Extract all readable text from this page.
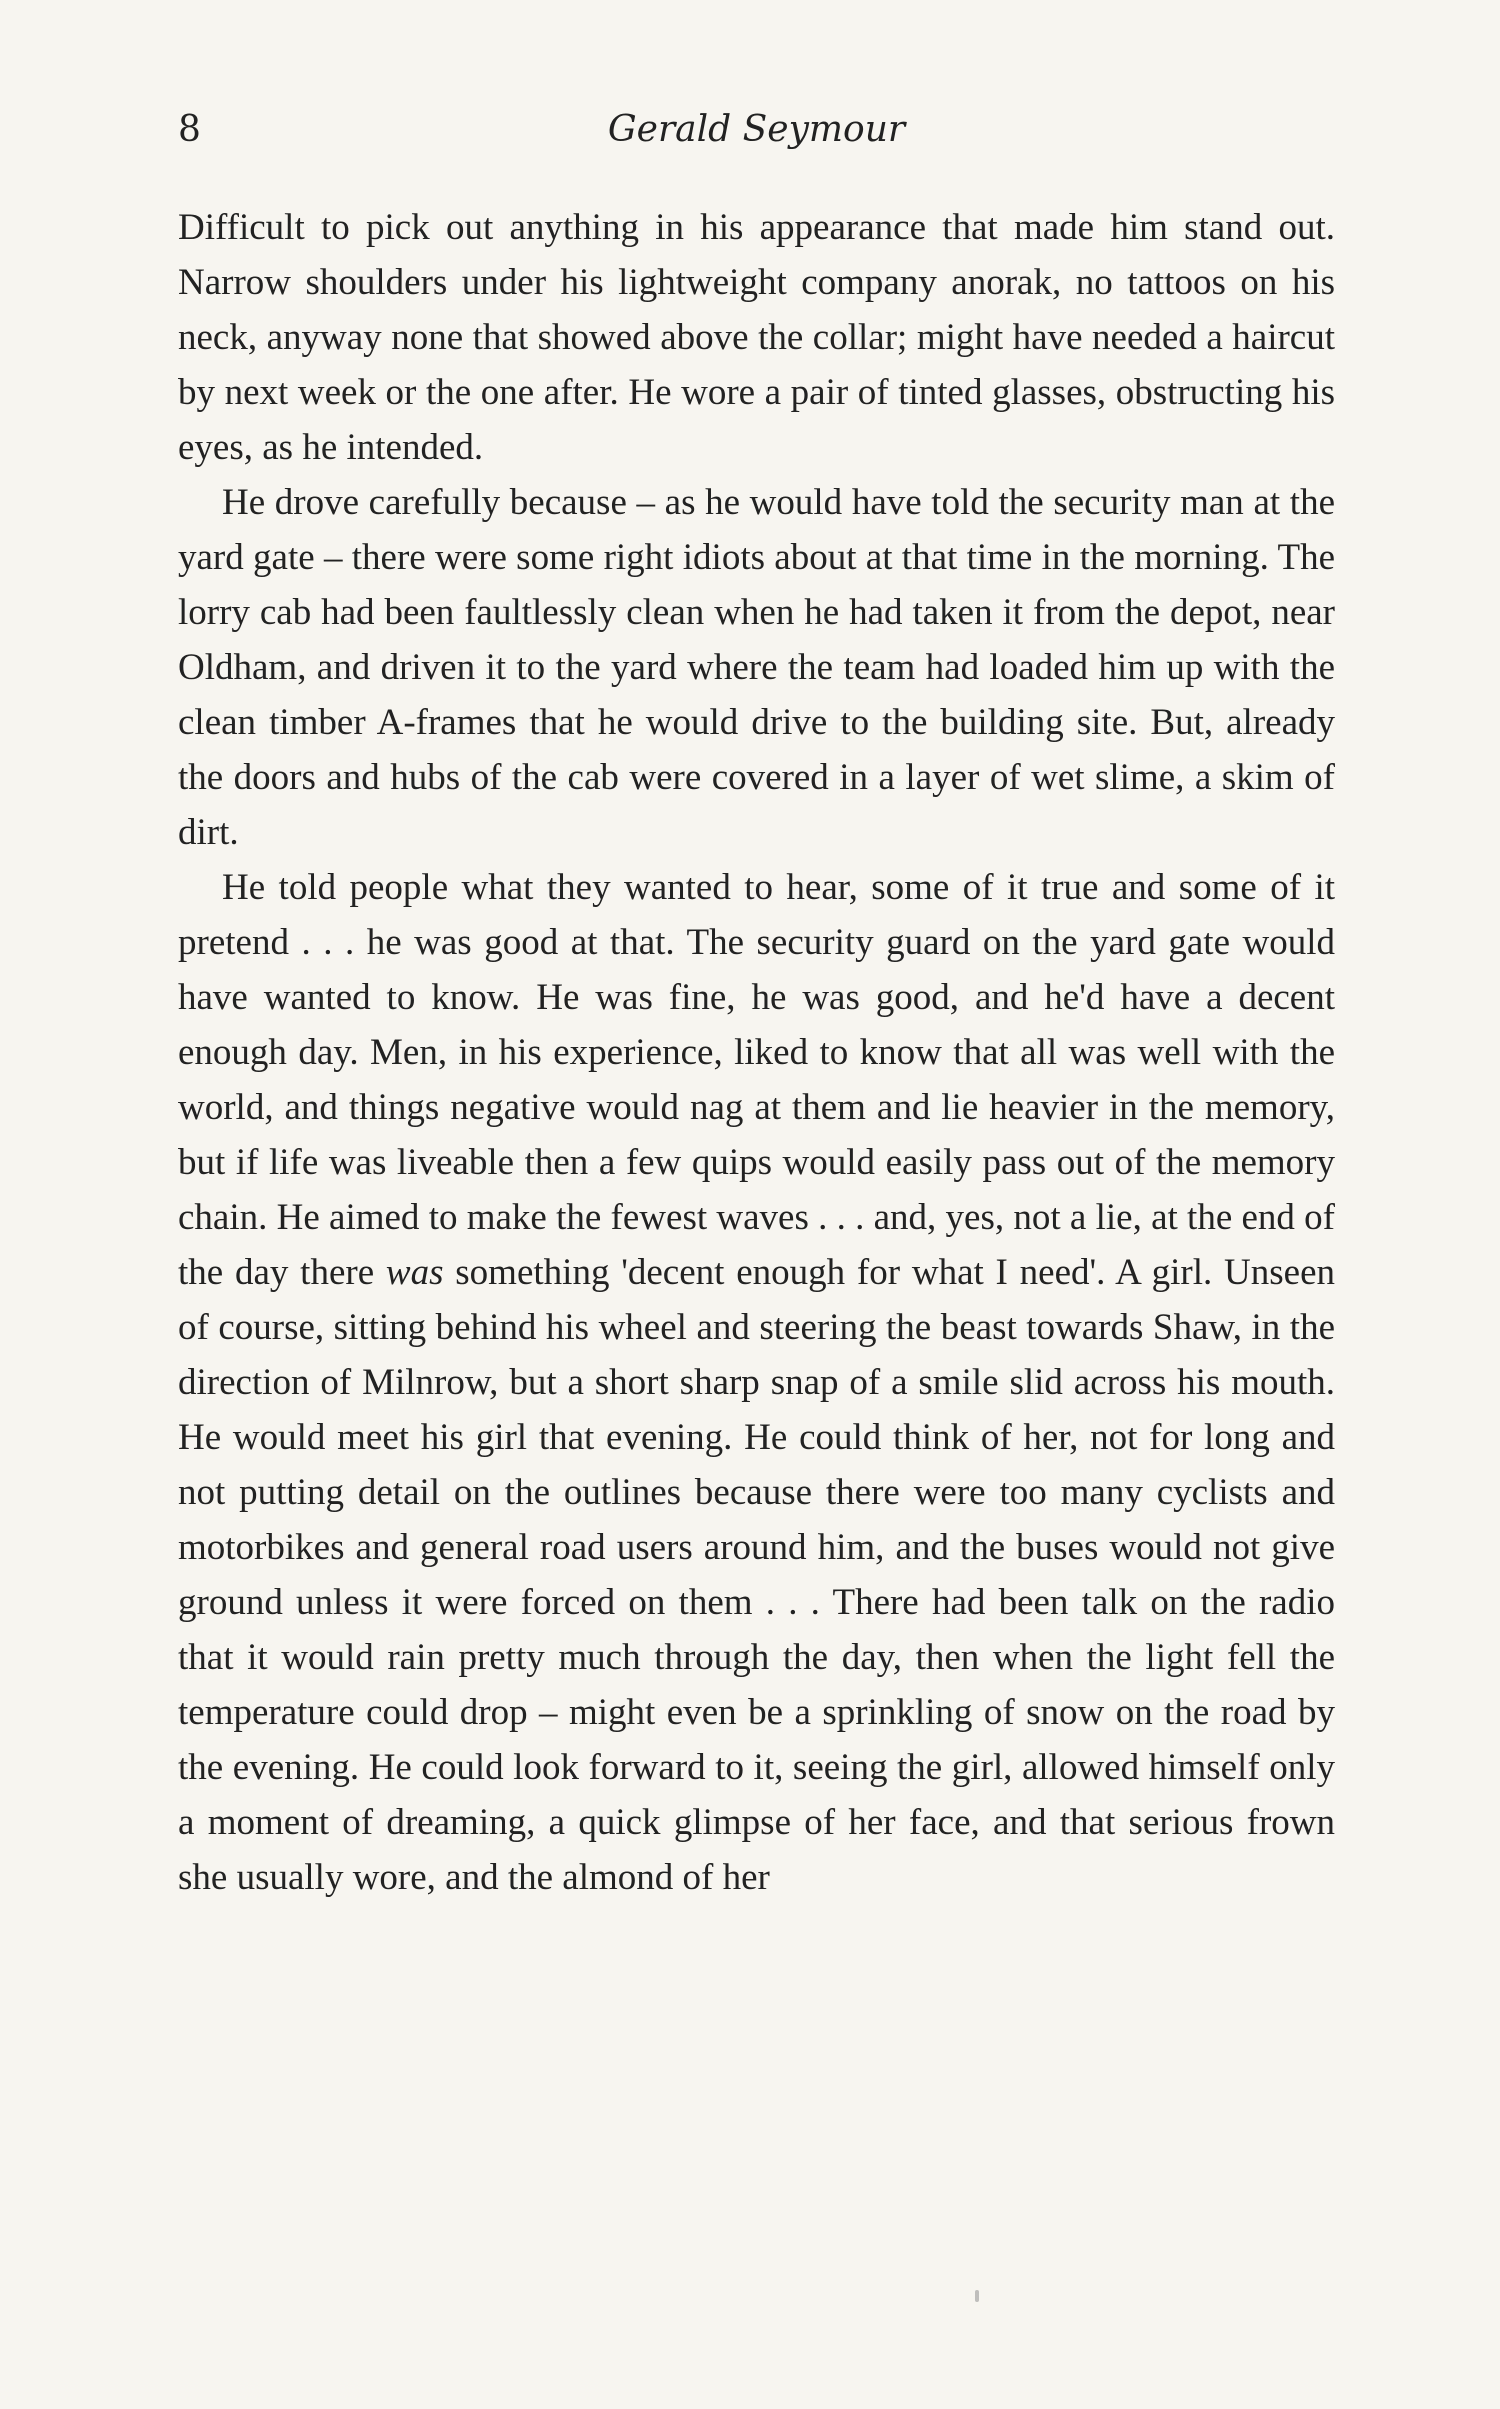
8	Gerald Seymour

Difficult to pick out anything in his appearance that made him stand out. Narrow shoulders under his lightweight company anorak, no tattoos on his neck, anyway none that showed above the collar; might have needed a haircut by next week or the one after. He wore a pair of tinted glasses, obstructing his eyes, as he intended.

He drove carefully because – as he would have told the security man at the yard gate – there were some right idiots about at that time in the morning. The lorry cab had been faultlessly clean when he had taken it from the depot, near Oldham, and driven it to the yard where the team had loaded him up with the clean timber A-frames that he would drive to the building site. But, already the doors and hubs of the cab were covered in a layer of wet slime, a skim of dirt.

He told people what they wanted to hear, some of it true and some of it pretend . . . he was good at that. The security guard on the yard gate would have wanted to know. He was fine, he was good, and he'd have a decent enough day. Men, in his experience, liked to know that all was well with the world, and things negative would nag at them and lie heavier in the memory, but if life was liveable then a few quips would easily pass out of the memory chain. He aimed to make the fewest waves . . . and, yes, not a lie, at the end of the day there was something 'decent enough for what I need'. A girl. Unseen of course, sitting behind his wheel and steering the beast towards Shaw, in the direction of Milnrow, but a short sharp snap of a smile slid across his mouth. He would meet his girl that evening. He could think of her, not for long and not putting detail on the outlines because there were too many cyclists and motorbikes and general road users around him, and the buses would not give ground unless it were forced on them . . . There had been talk on the radio that it would rain pretty much through the day, then when the light fell the temperature could drop – might even be a sprinkling of snow on the road by the evening. He could look forward to it, seeing the girl, allowed himself only a moment of dreaming, a quick glimpse of her face, and that serious frown she usually wore, and the almond of her
